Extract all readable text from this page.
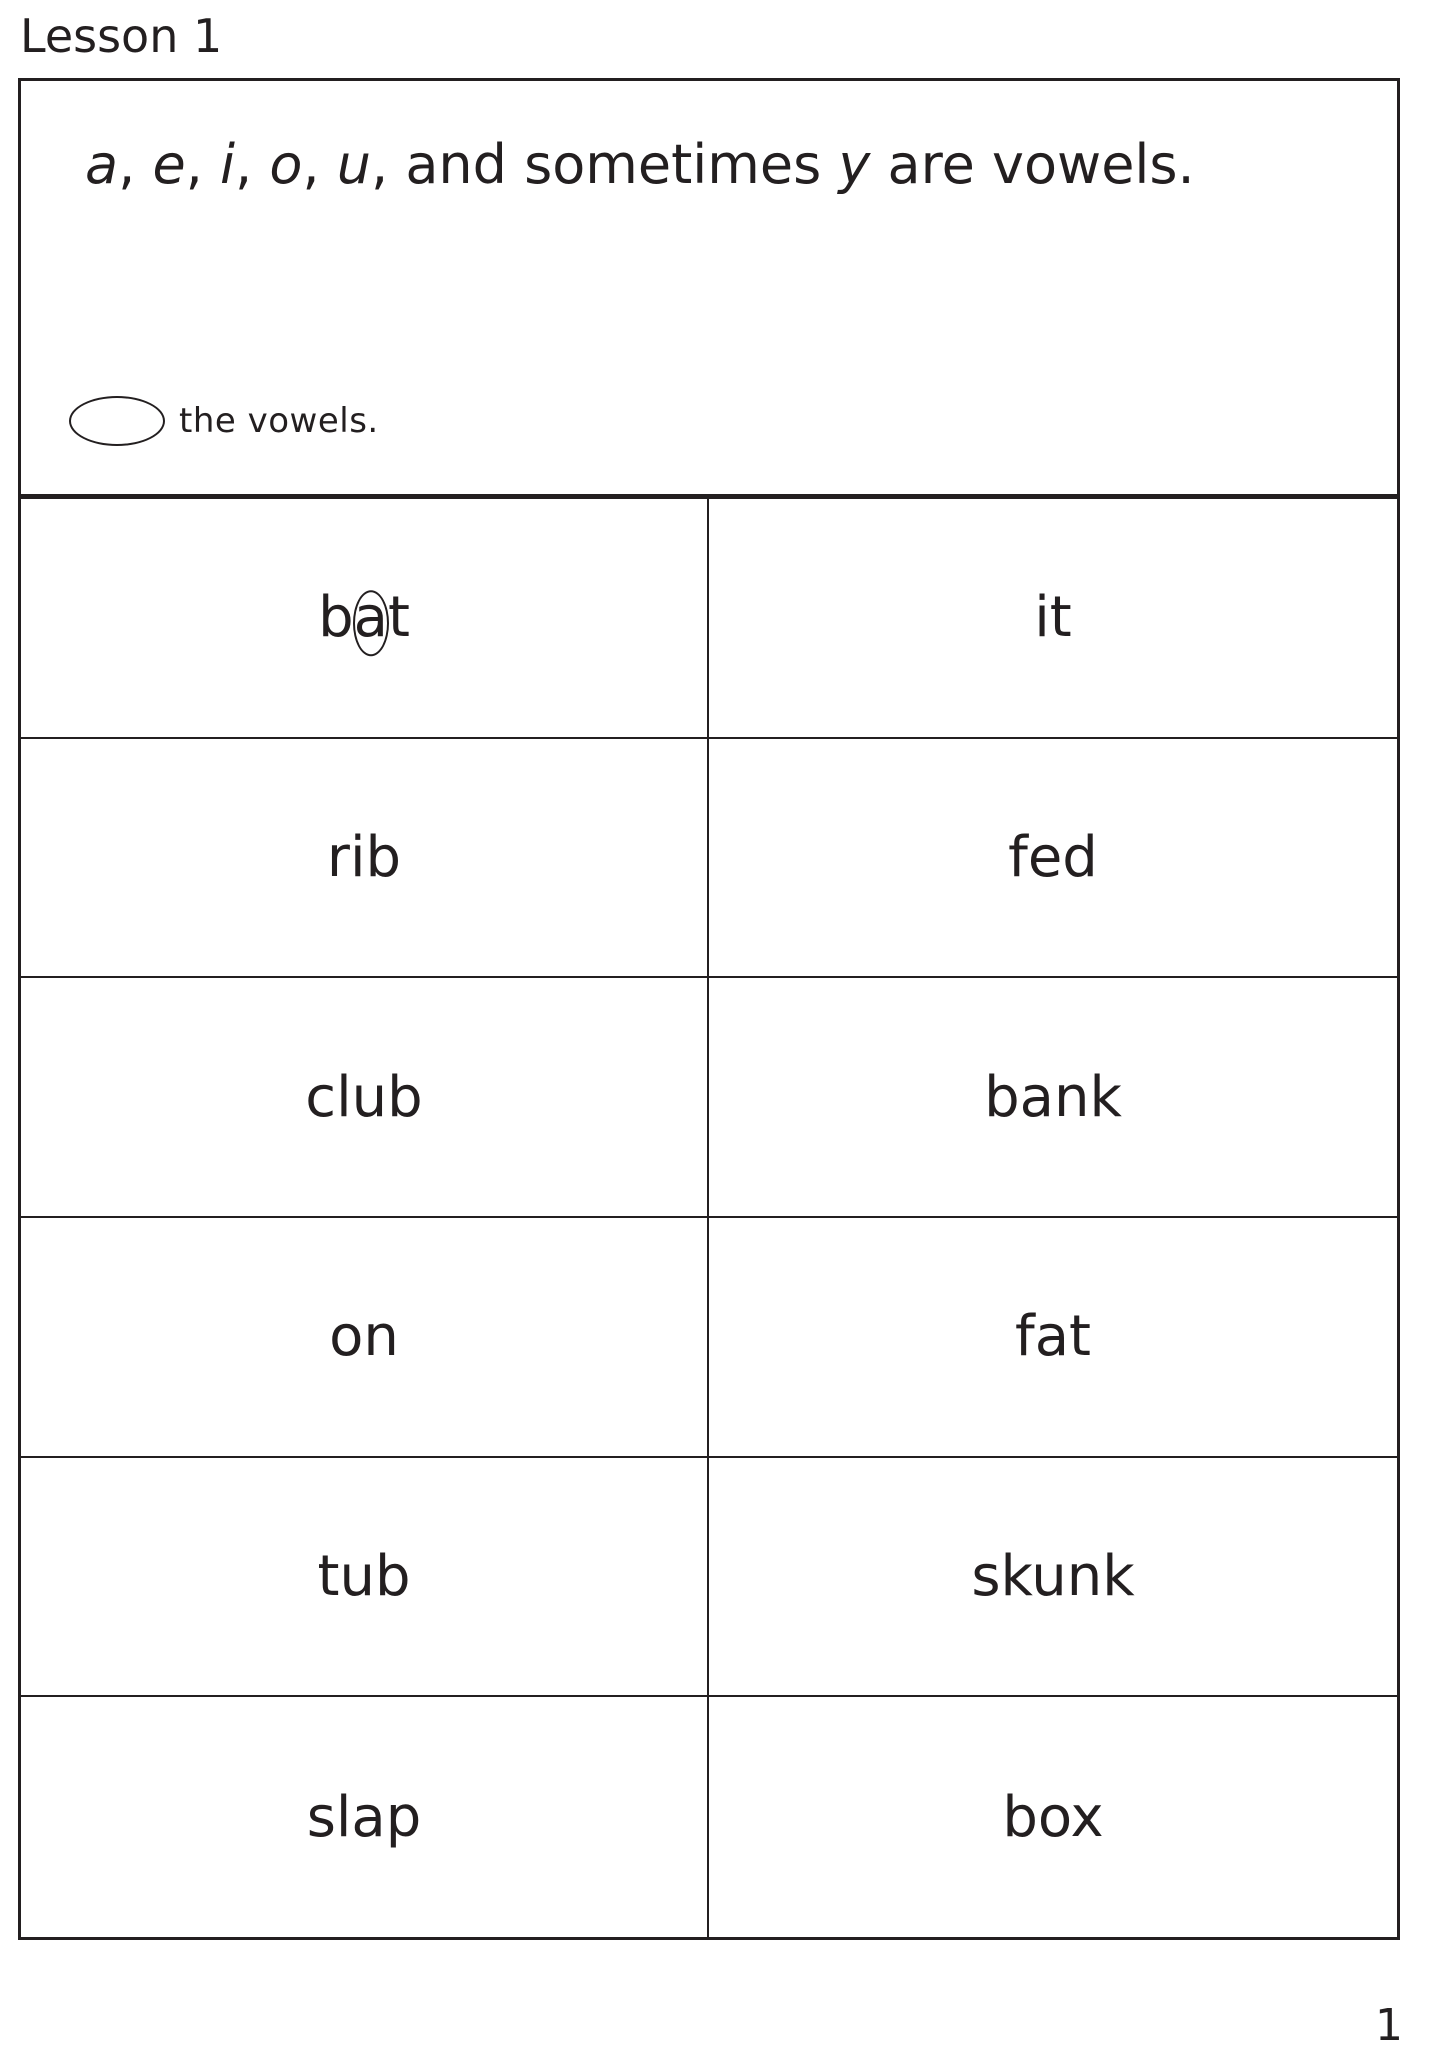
Lesson 1
a, e, i, o, u, and sometimes y are vowels.
the vowels.
b a t	it
rib	fed
club	bank
on	fat
tub	skunk
slap	box
1
